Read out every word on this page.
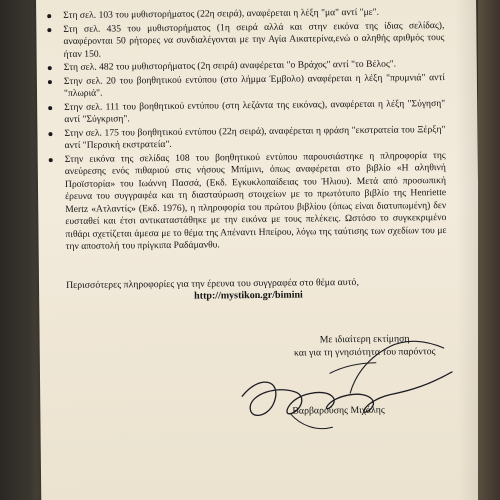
Στη σελ. 103 του μυθιστορήματος (22η σειρά), αναφέρεται η λέξη "μα" αντί "με".
Στη σελ. 435 του μυθιστορήματος (1η σειρά αλλά και στην εικόνα της ίδιας σελίδας), αναφέρονται 50 ρήτορες να συνδιαλέγονται με την Αγία Αικατερίνα,ενώ ο αληθής αριθμός τους ήταν 150.
Στη σελ. 482 του μυθιστορήματος (2η σειρά) αναφέρεται "ο Βράχος" αντί "το Βέλος".
Στην σελ. 20 του βοηθητικού εντύπου (στο λήμμα Έμβολο) αναφέρεται η λέξη "πρυμνιά" αντί "πλωριά".
Στην σελ. 111 του βοηθητικού εντύπου (στη λεζάντα της εικόνας), αναφέρεται η λέξη "Σύγηση" αντί "Σύγκριση".
Στην σελ. 175 του βοηθητικού εντύπου (22η σειρά), αναφέρεται η φράση "εκστρατεία του Ξέρξη" αντί "Περσική εκστρατεία".
Στην εικόνα της σελίδας 108 του βοηθητικού εντύπου παρουσιάστηκε η πληροφορία της ανεύρεσης ενός πιθαριού στις νήσους Μπίμινι, όπως αναφέρεται στο βιβλίο «Η αληθινή Προϊστορία» του Ιωάννη Πασσά, (Εκδ. Εγκυκλοπαίδειας του Ήλιου). Μετά από προσωπική έρευνα του συγγραφέα και τη διασταύρωση στοιχείων με το πρωτότυπο βιβλίο της Henriette Mertz «Ατλαντίς» (Εκδ. 1976), η πληροφορία του πρώτου βιβλίου (όπως είναι διατυπωμένη) δεν ευσταθεί και έτσι αντικαταστάθηκε με την εικόνα με τους πελέκεις. Ωστόσο το συγκεκριμένο πιθάρι σχετίζεται άμεσα με το θέμα της Απέναντι Ηπείρου, λόγω της ταύτισης των σχεδίων του με την αποστολή του πρίγκιπα Ραδάμανθυ.
Περισσότερες πληροφορίες για την έρευνα του συγγραφέα στο θέμα αυτό,
http://mystikon.gr/bimini
Με ιδιαίτερη εκτίμηση
και για τη γνησιότητα του παρόντος
Βαρβαρούσης Μιχάλης
